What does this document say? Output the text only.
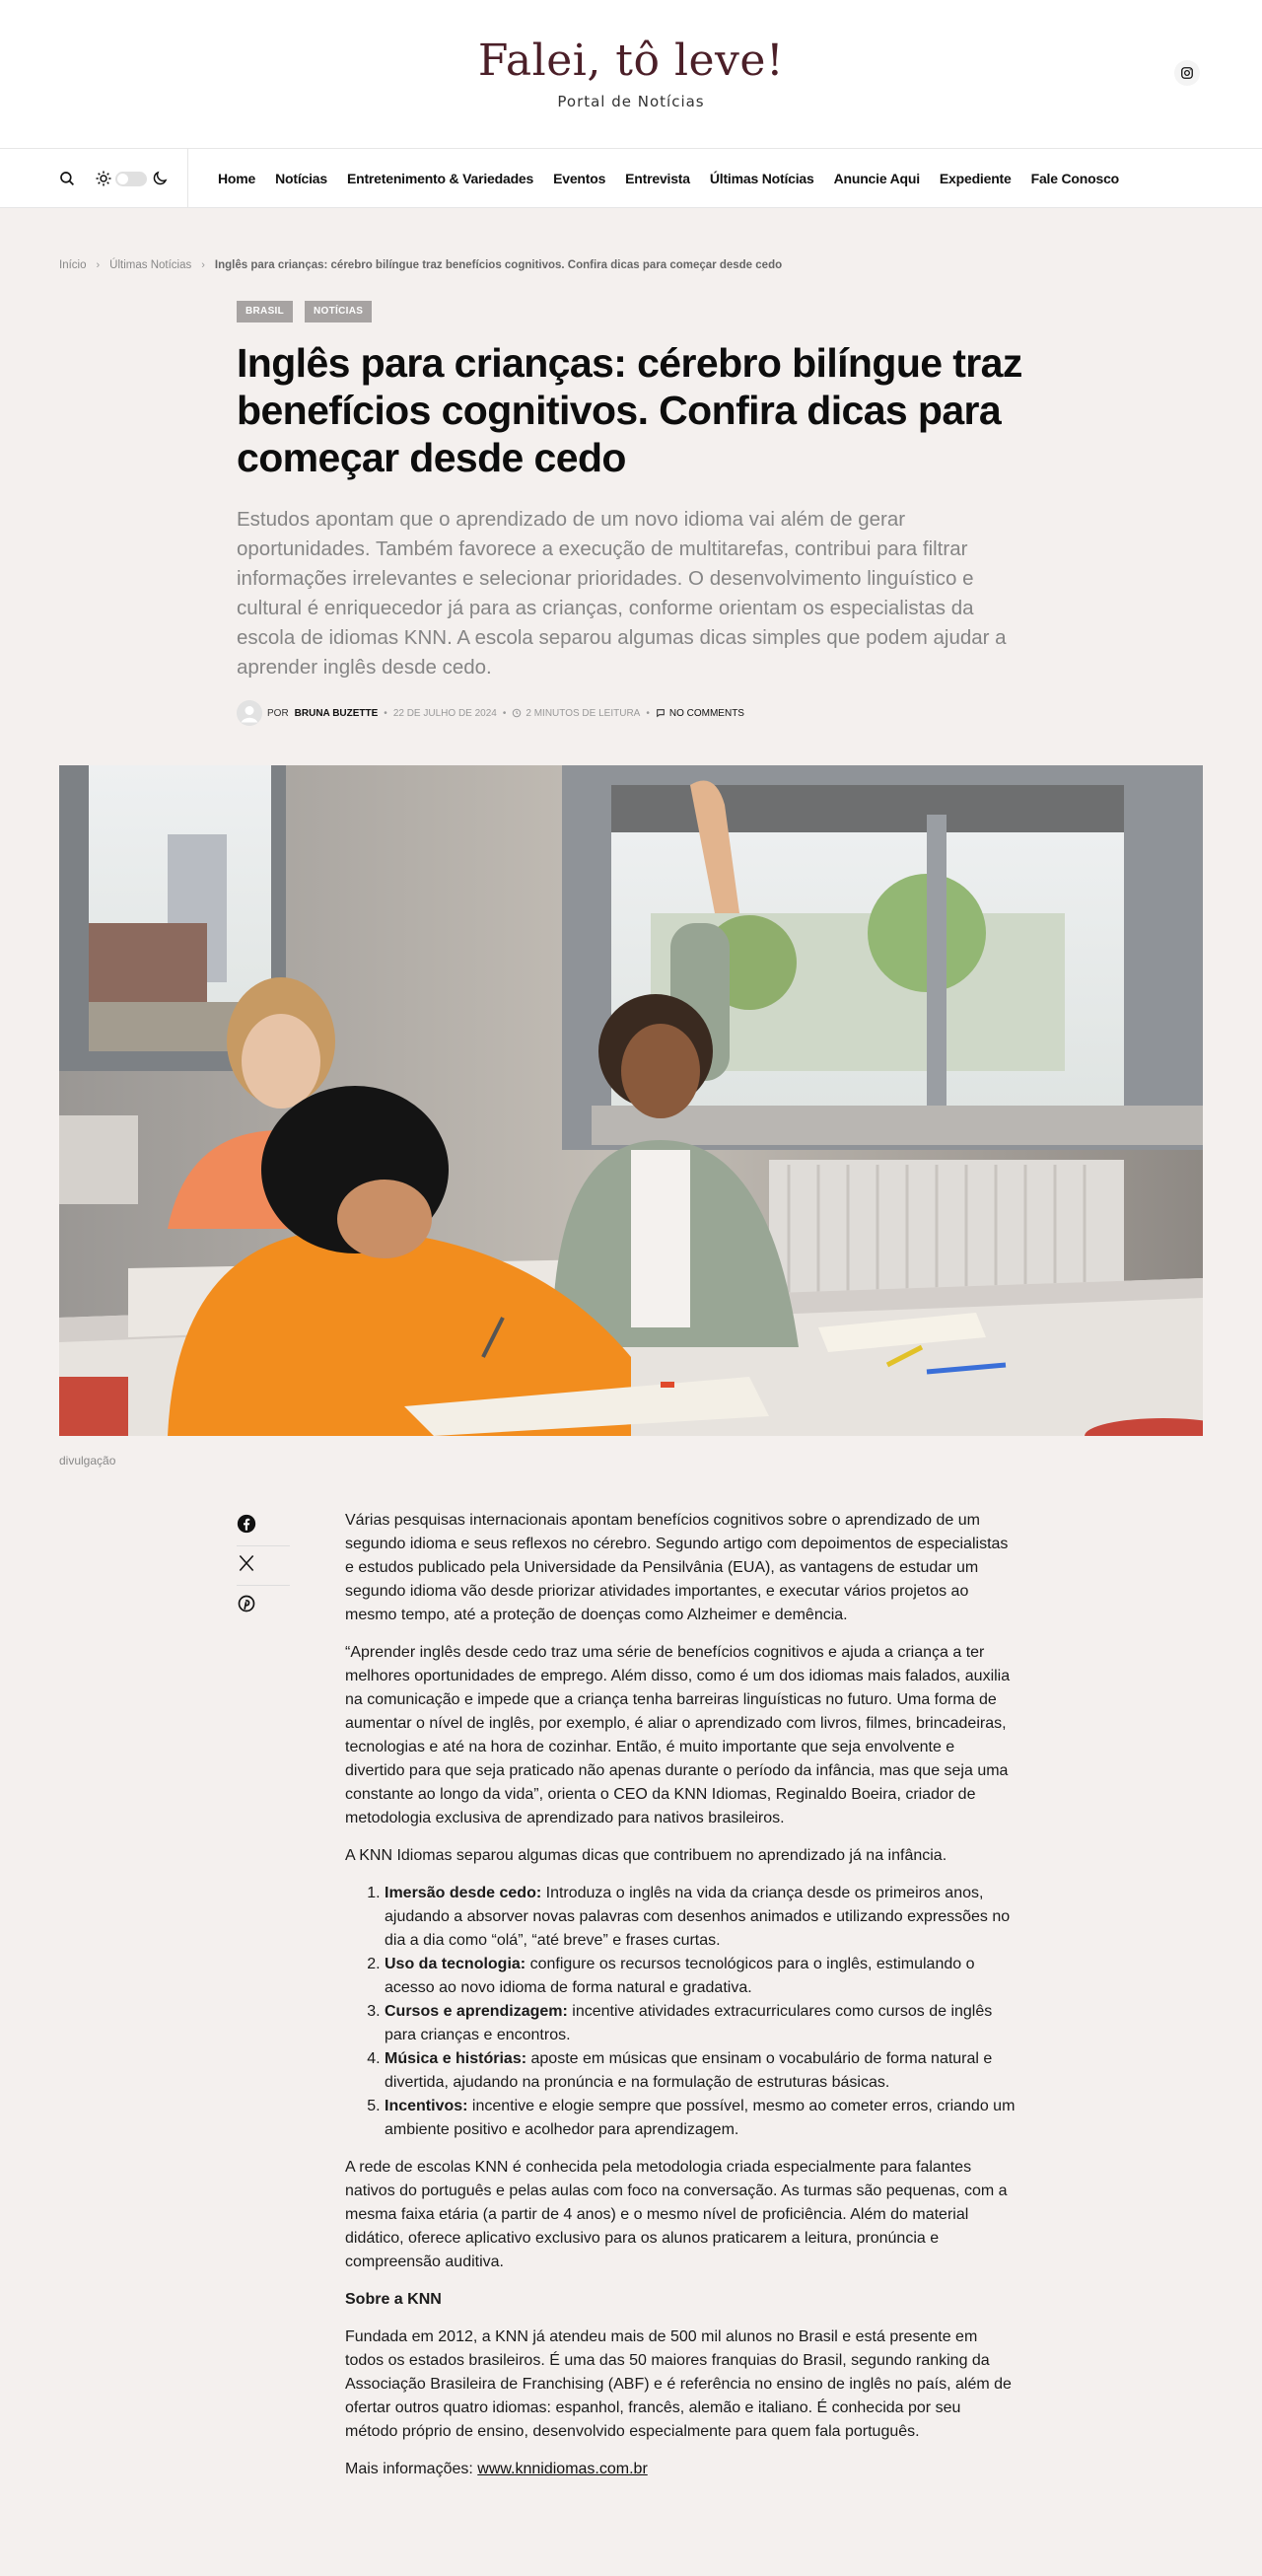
Falei, tô leve!
Portal de Notícias
Home Notícias Entretenimento & Variedades Eventos Entrevista Últimas Notícias Anuncie Aqui Expediente Fale Conosco
Início › Últimas Notícias › Inglês para crianças: cérebro bilíngue traz benefícios cognitivos. Confira dicas para começar desde cedo
BRASIL	NOTÍCIAS
Inglês para crianças: cérebro bilíngue traz benefícios cognitivos. Confira dicas para começar desde cedo

Estudos apontam que o aprendizado de um novo idioma vai além de gerar oportunidades. Também favorece a execução de multitarefas, contribui para filtrar informações irrelevantes e selecionar prioridades. O desenvolvimento linguístico e cultural é enriquecedor já para as crianças, conforme orientam os especialistas da escola de idiomas KNN. A escola separou algumas dicas simples que podem ajudar a aprender inglês desde cedo.

POR BRUNA BUZETTE • 22 DE JULHO DE 2024 • 2 MINUTOS DE LEITURA • NO COMMENTS
divulgação

Várias pesquisas internacionais apontam benefícios cognitivos sobre o aprendizado de um segundo idioma e seus reflexos no cérebro. Segundo artigo com depoimentos de especialistas e estudos publicado pela Universidade da Pensilvânia (EUA), as vantagens de estudar um segundo idioma vão desde priorizar atividades importantes, e executar vários projetos ao mesmo tempo, até a proteção de doenças como Alzheimer e demência.

“Aprender inglês desde cedo traz uma série de benefícios cognitivos e ajuda a criança a ter melhores oportunidades de emprego. Além disso, como é um dos idiomas mais falados, auxilia na comunicação e impede que a criança tenha barreiras linguísticas no futuro. Uma forma de aumentar o nível de inglês, por exemplo, é aliar o aprendizado com livros, filmes, brincadeiras, tecnologias e até na hora de cozinhar. Então, é muito importante que seja envolvente e divertido para que seja praticado não apenas durante o período da infância, mas que seja uma constante ao longo da vida”, orienta o CEO da KNN Idiomas, Reginaldo Boeira, criador de metodologia exclusiva de aprendizado para nativos brasileiros.

A KNN Idiomas separou algumas dicas que contribuem no aprendizado já na infância.

1. Imersão desde cedo: Introduza o inglês na vida da criança desde os primeiros anos, ajudando a absorver novas palavras com desenhos animados e utilizando expressões no dia a dia como “olá”, “até breve” e frases curtas.
2. Uso da tecnologia: configure os recursos tecnológicos para o inglês, estimulando o acesso ao novo idioma de forma natural e gradativa.
3. Cursos e aprendizagem: incentive atividades extracurriculares como cursos de inglês para crianças e encontros.
4. Música e histórias: aposte em músicas que ensinam o vocabulário de forma natural e divertida, ajudando na pronúncia e na formulação de estruturas básicas.
5. Incentivos: incentive e elogie sempre que possível, mesmo ao cometer erros, criando um ambiente positivo e acolhedor para aprendizagem.

A rede de escolas KNN é conhecida pela metodologia criada especialmente para falantes nativos do português e pelas aulas com foco na conversação. As turmas são pequenas, com a mesma faixa etária (a partir de 4 anos) e o mesmo nível de proficiência. Além do material didático, oferece aplicativo exclusivo para os alunos praticarem a leitura, pronúncia e compreensão auditiva.

Sobre a KNN

Fundada em 2012, a KNN já atendeu mais de 500 mil alunos no Brasil e está presente em todos os estados brasileiros. É uma das 50 maiores franquias do Brasil, segundo ranking da Associação Brasileira de Franchising (ABF) e é referência no ensino de inglês no país, além de ofertar outros quatro idiomas: espanhol, francês, alemão e italiano. É conhecida por seu método próprio de ensino, desenvolvido especialmente para quem fala português.

Mais informações: www.knnidiomas.com.br
